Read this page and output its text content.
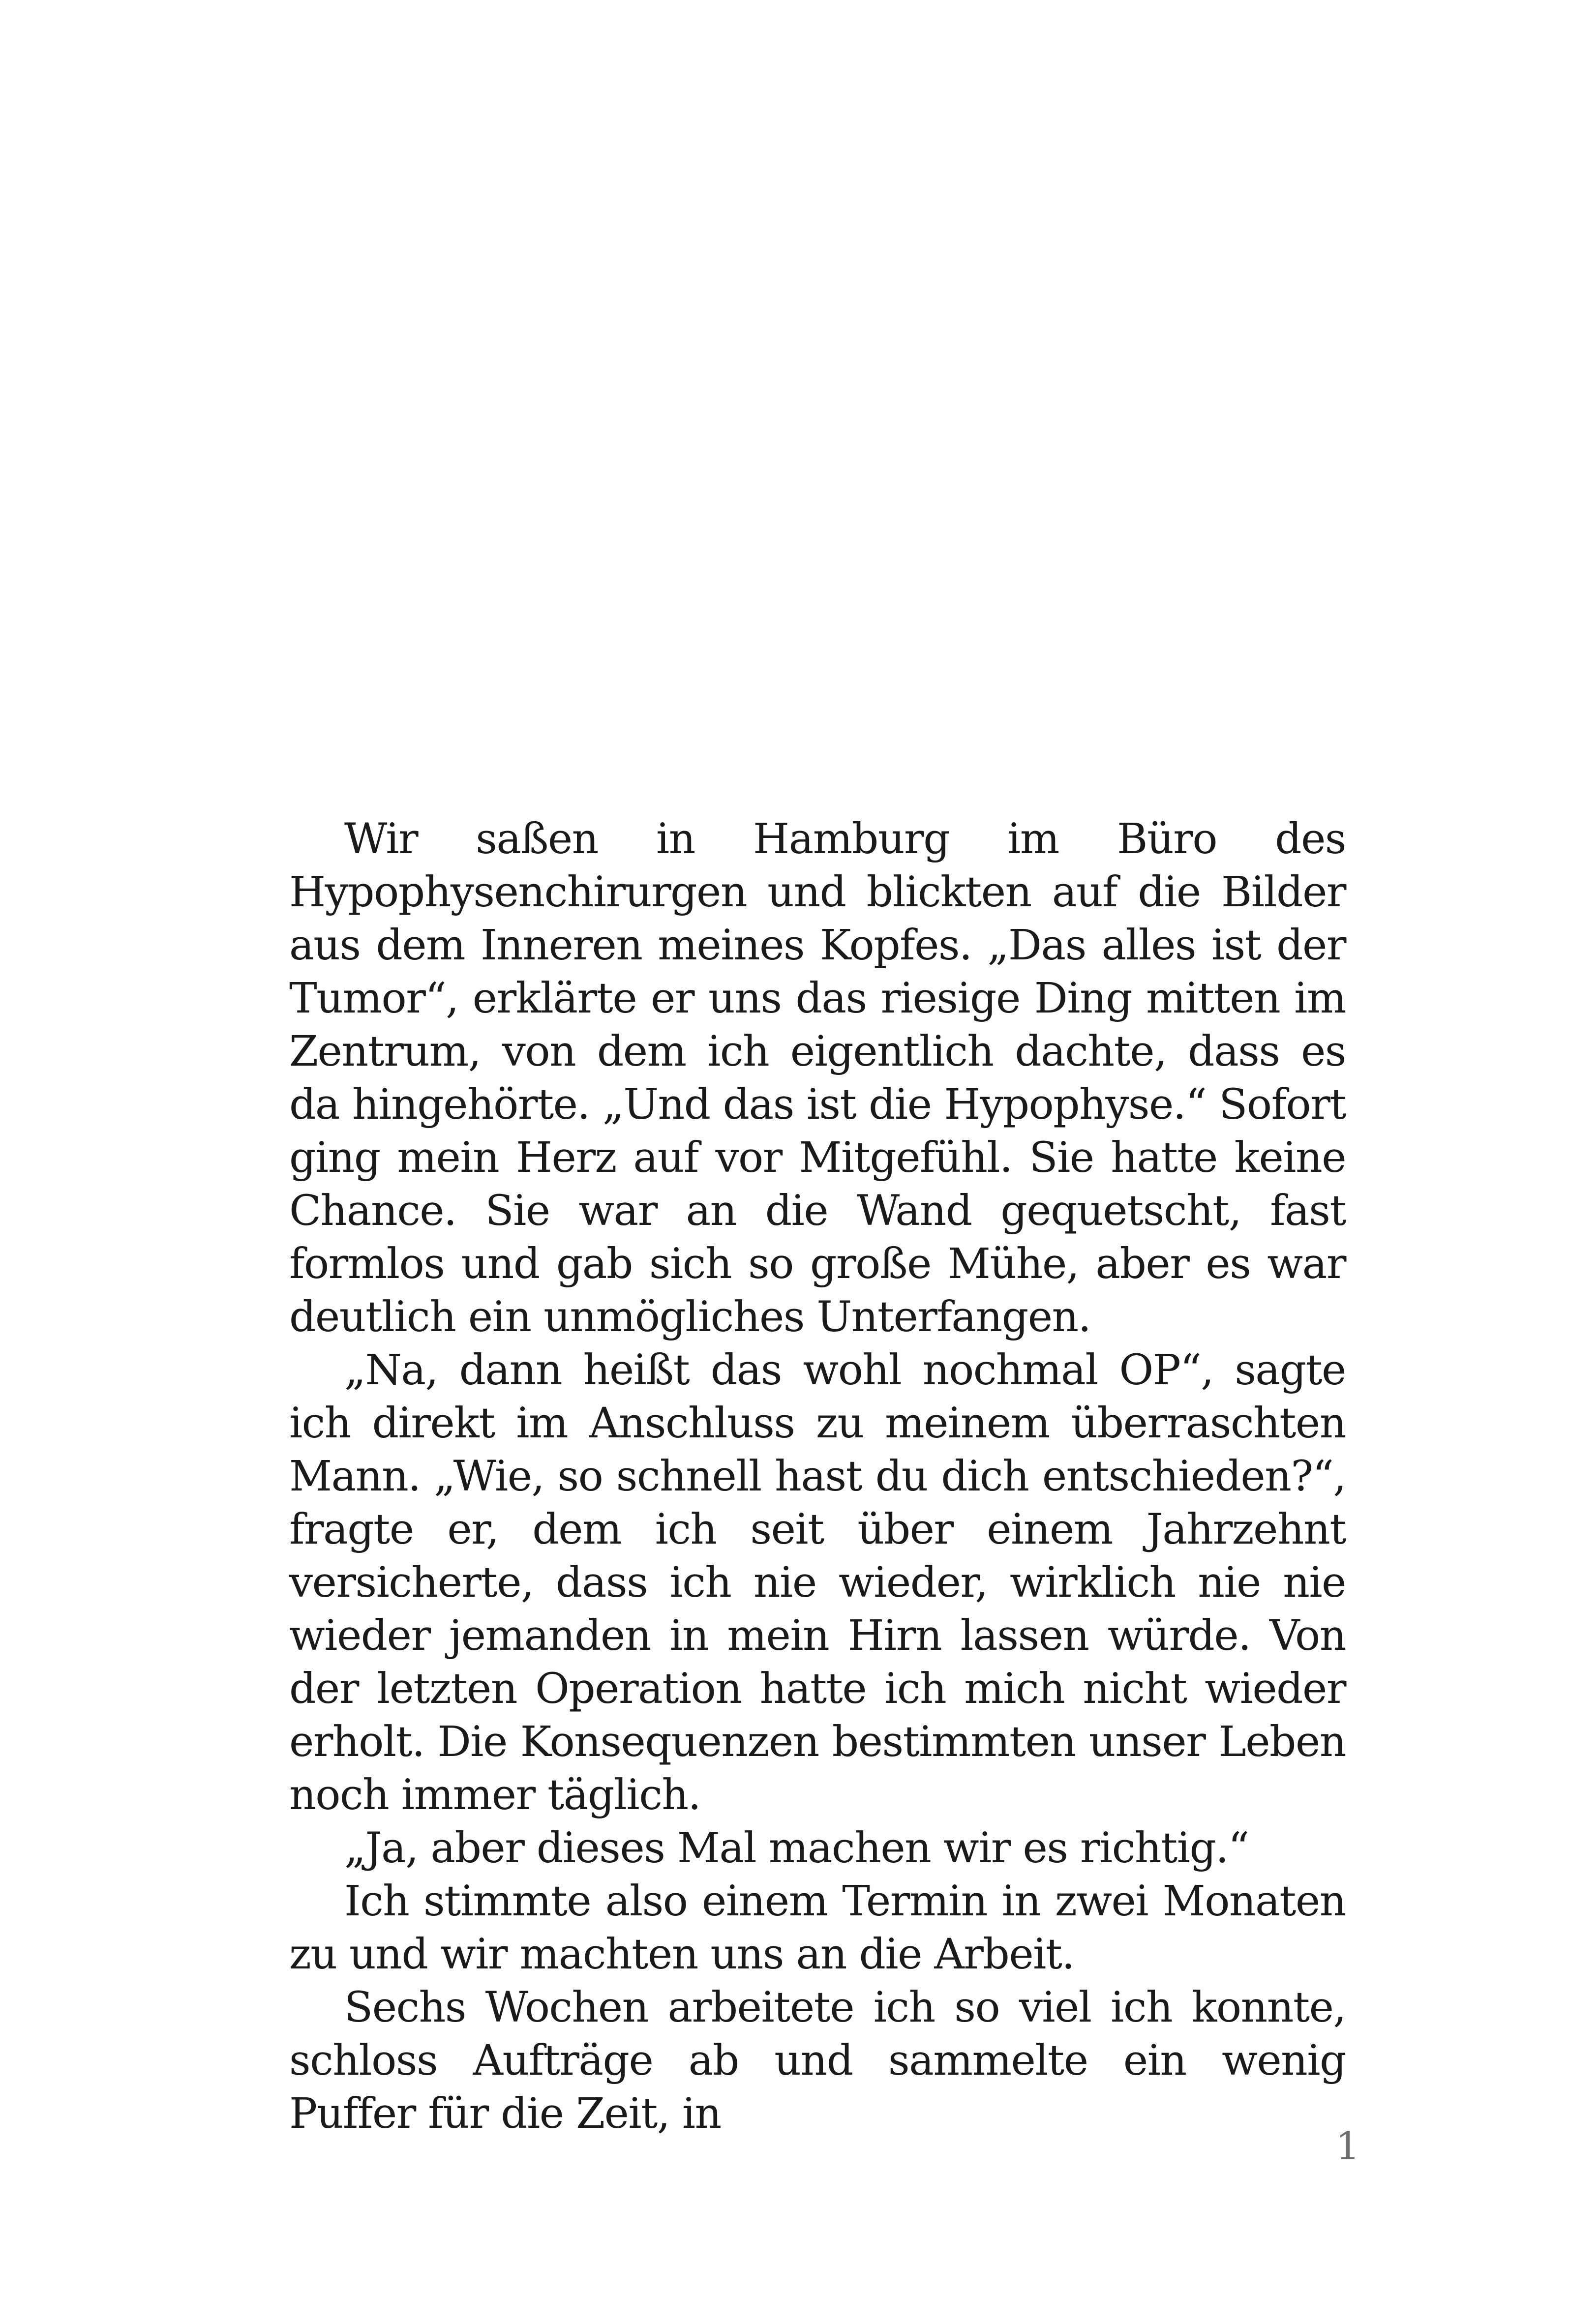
Wir saßen in Hamburg im Büro des Hypophysenchirurgen und blickten auf die Bilder aus dem Inneren meines Kopfes. „Das alles ist der Tumor“, erklärte er uns das riesige Ding mitten im Zentrum, von dem ich eigentlich dachte, dass es da hingehörte. „Und das ist die Hypophyse.“ Sofort ging mein Herz auf vor Mitgefühl. Sie hatte keine Chance. Sie war an die Wand gequetscht, fast formlos und gab sich so große Mühe, aber es war deutlich ein unmögliches Unterfangen.

„Na, dann heißt das wohl nochmal OP“, sagte ich direkt im Anschluss zu meinem überraschten Mann. „Wie, so schnell hast du dich entschieden?“, fragte er, dem ich seit über einem Jahrzehnt versicherte, dass ich nie wieder, wirklich nie nie wieder jemanden in mein Hirn lassen würde. Von der letzten Operation hatte ich mich nicht wieder erholt. Die Konsequenzen bestimmten unser Leben noch immer täglich.

„Ja, aber dieses Mal machen wir es richtig.“

Ich stimmte also einem Termin in zwei Monaten zu und wir machten uns an die Arbeit.

Sechs Wochen arbeitete ich so viel ich konnte, schloss Aufträge ab und sammelte ein wenig Puffer für die Zeit, in

1
